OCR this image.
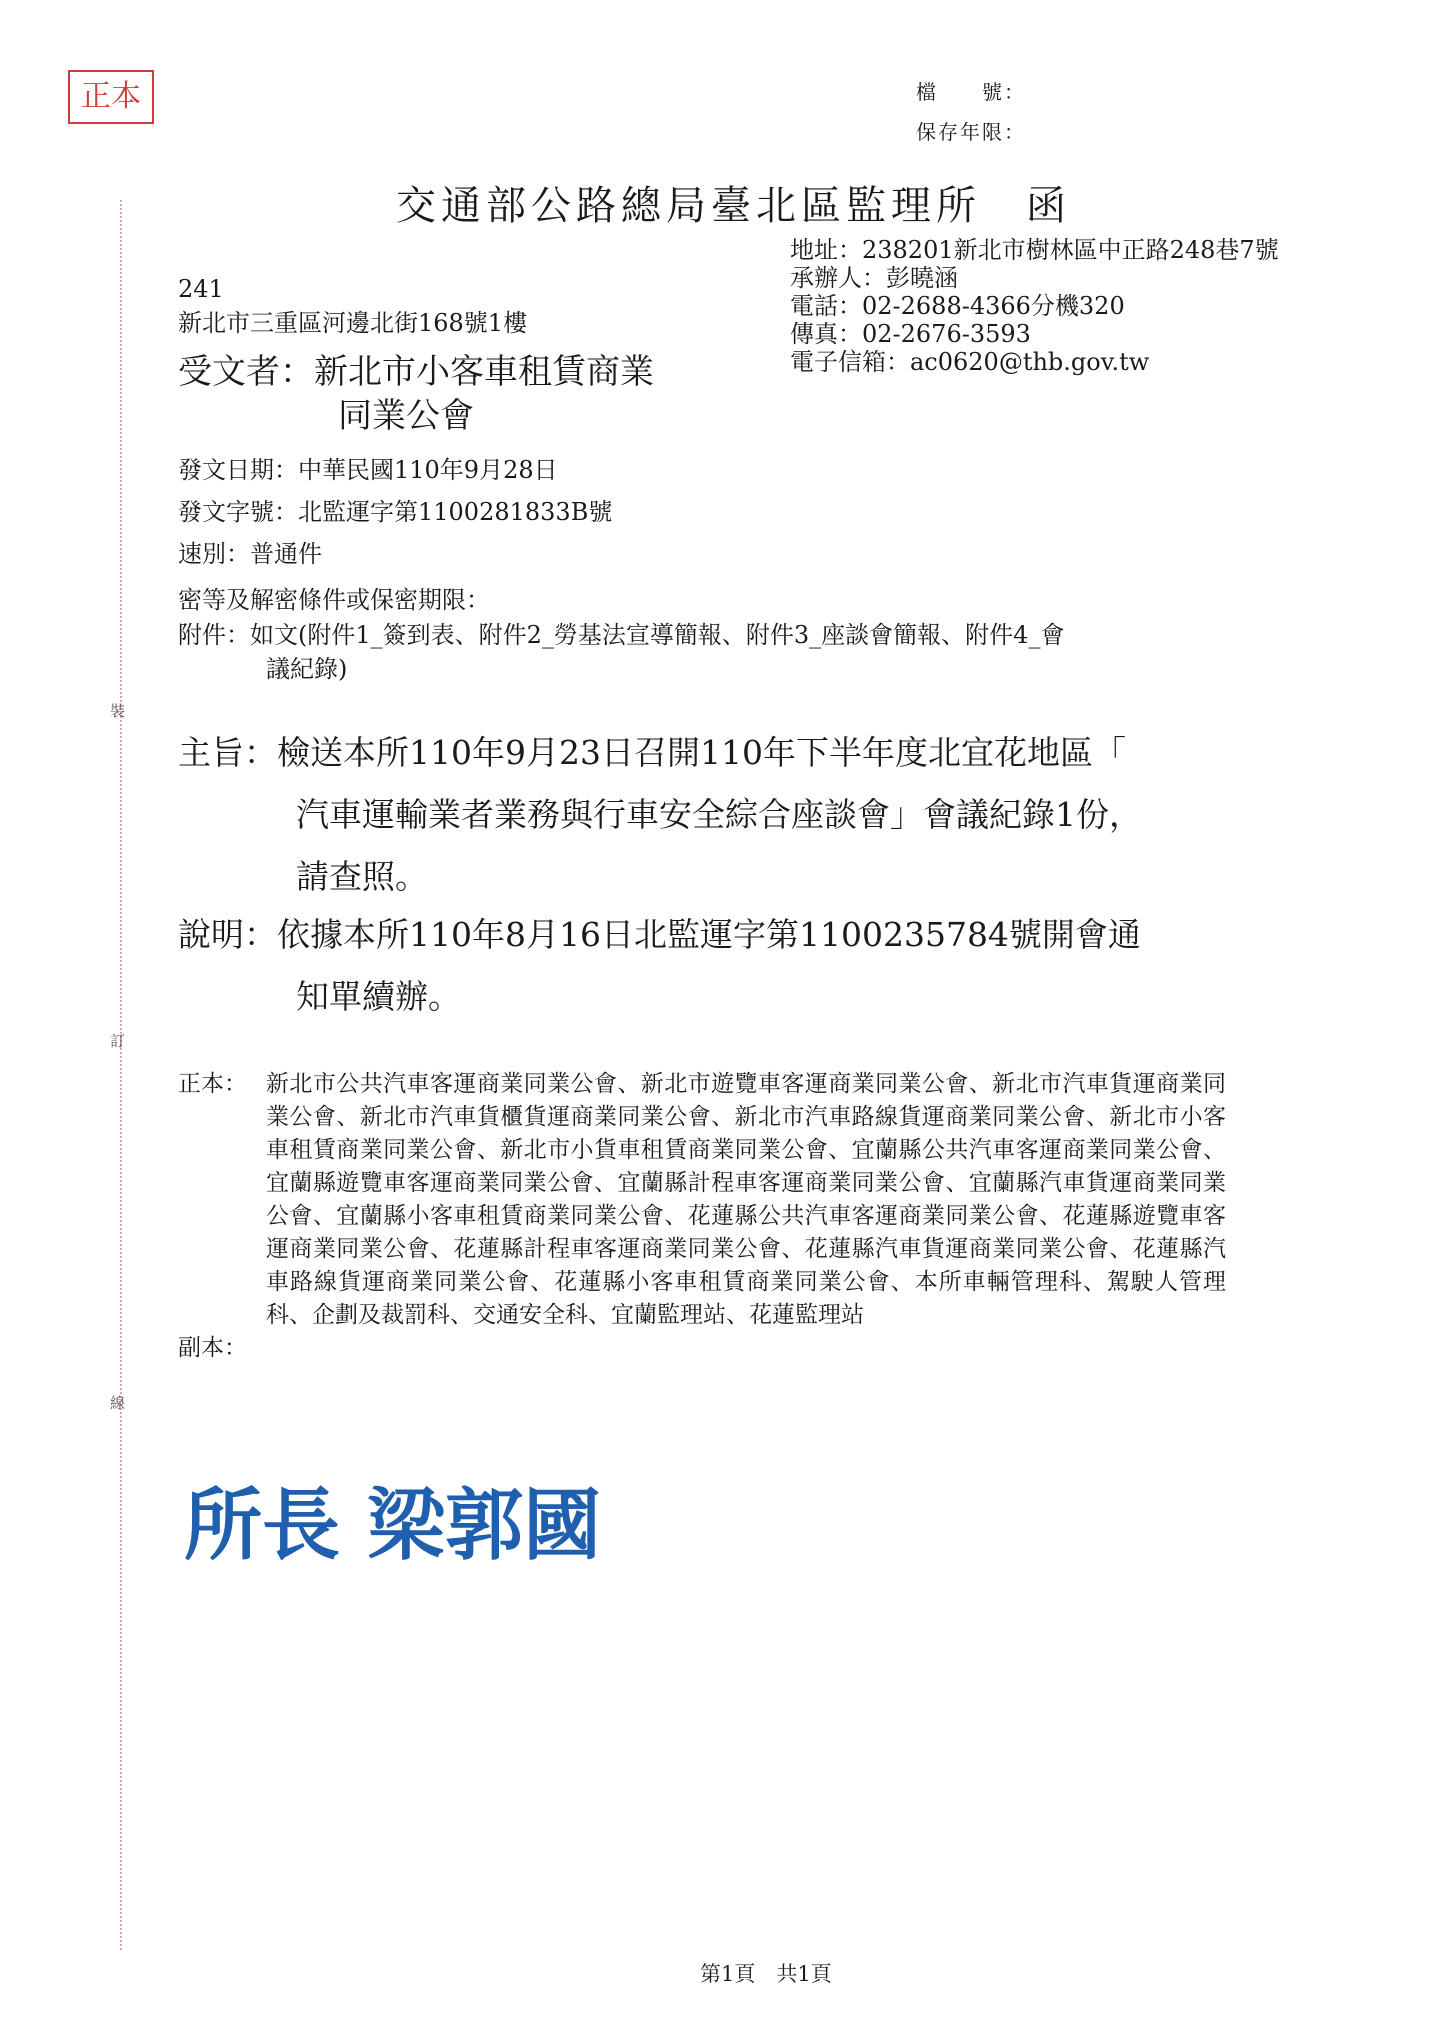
正本	檔　　號：
保存年限：
裝
訂
線
交通部公路總局臺北區監理所　函
地址：238201新北市樹林區中正路248巷7號
承辦人：彭曉涵
電話：02-2688-4366分機320
傳真：02-2676-3593
電子信箱：ac0620@thb.gov.tw
241
新北市三重區河邊北街168號1樓
受文者：新北市小客車租賃商業
同業公會
發文日期：中華民國110年9月28日
發文字號：北監運字第1100281833B號
速別：普通件
密等及解密條件或保密期限：
附件：如文(附件1_簽到表、附件2_勞基法宣導簡報、附件3_座談會簡報、附件4_會
議紀錄)
主旨：檢送本所110年9月23日召開110年下半年度北宜花地區「
汽車運輸業者業務與行車安全綜合座談會」會議紀錄1份，
請查照。
說明：依據本所110年8月16日北監運字第1100235784號開會通
知單續辦。
正本： 新北市公共汽車客運商業同業公會、新北市遊覽車客運商業同業公會、新北市汽車貨運商業同業公會、新北市汽車貨櫃貨運商業同業公會、新北市汽車路線貨運商業同業公會、新北市小客車租賃商業同業公會、新北市小貨車租賃商業同業公會、宜蘭縣公共汽車客運商業同業公會、宜蘭縣遊覽車客運商業同業公會、宜蘭縣計程車客運商業同業公會、宜蘭縣汽車貨運商業同業公會、宜蘭縣小客車租賃商業同業公會、花蓮縣公共汽車客運商業同業公會、花蓮縣遊覽車客運商業同業公會、花蓮縣計程車客運商業同業公會、花蓮縣汽車貨運商業同業公會、花蓮縣汽車路線貨運商業同業公會、花蓮縣小客車租賃商業同業公會、本所車輛管理科、駕駛人管理科、企劃及裁罰科、交通安全科、宜蘭監理站、花蓮監理站
副本：
所長 梁郭國
第1頁　共1頁
